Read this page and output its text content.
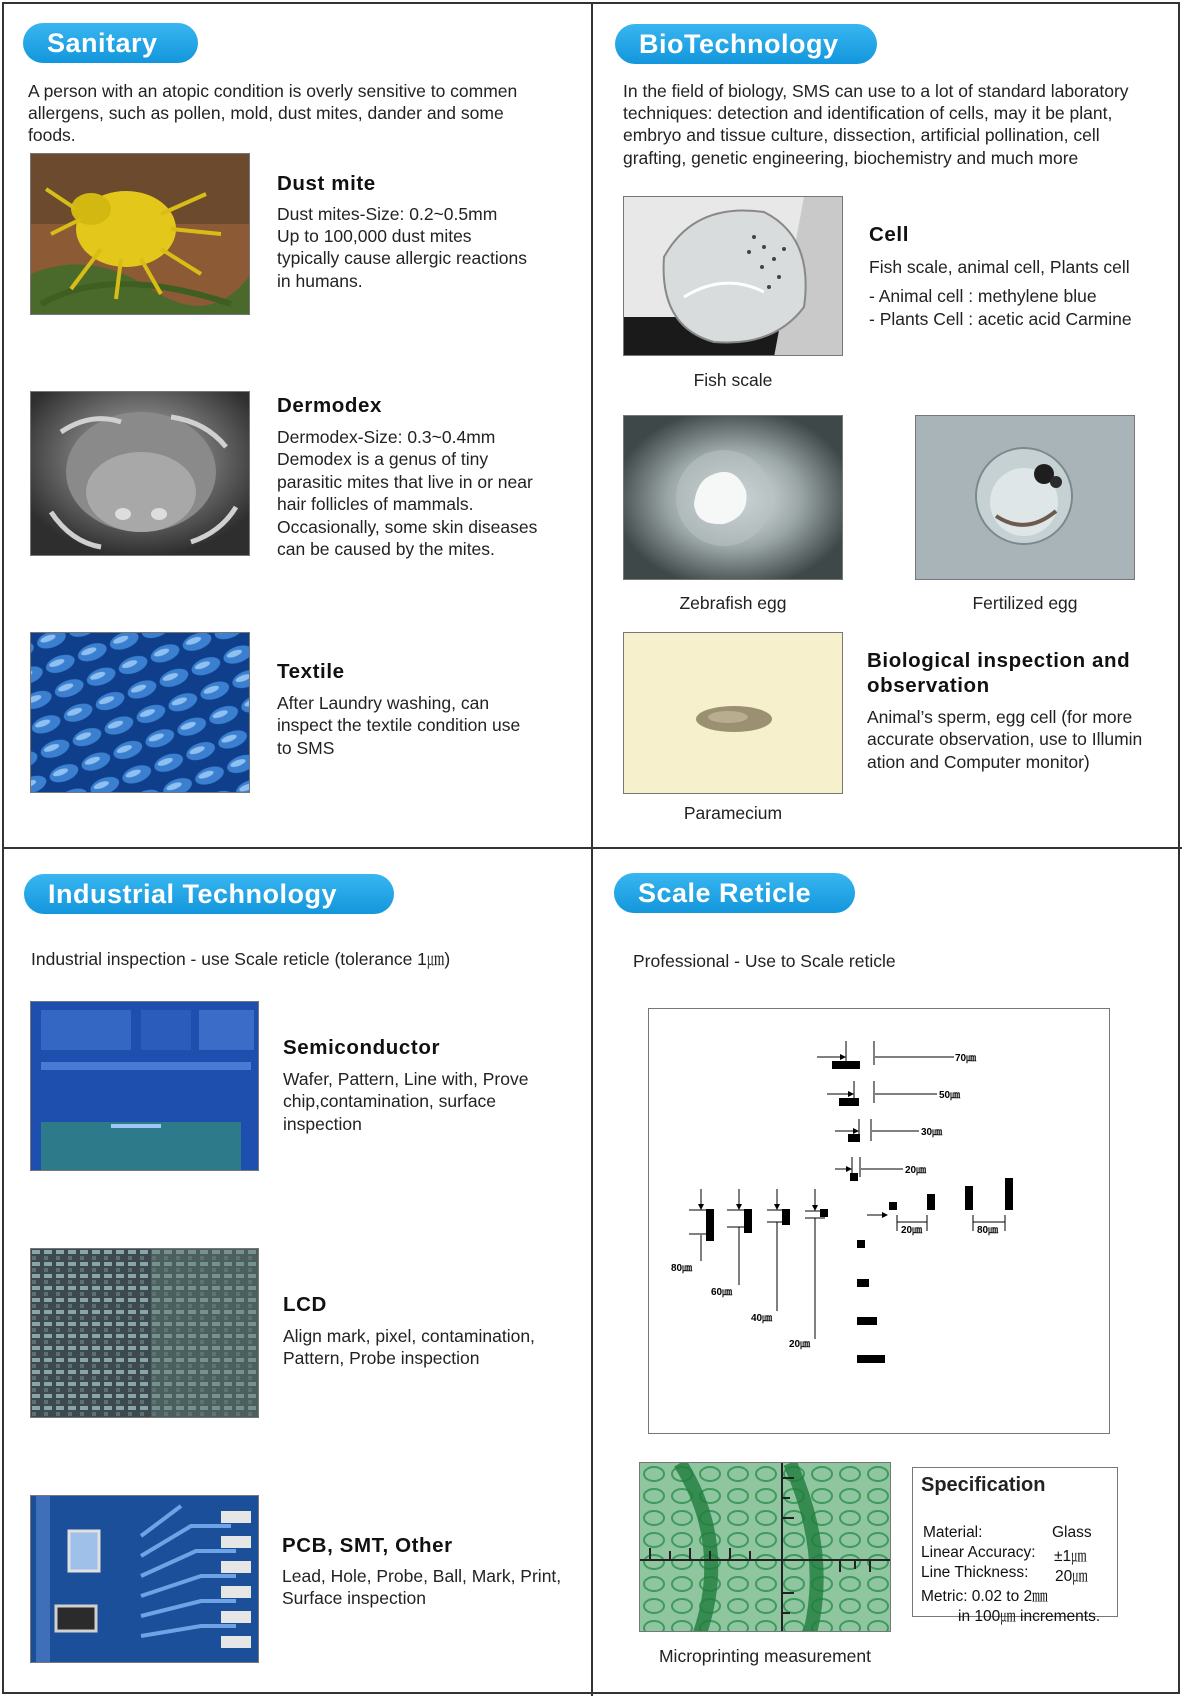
Sanitary
A person with an atopic condition is overly sensitive to commen
allergens, such as pollen, mold, dust mites, dander and some
foods.
Dust mite
Dust mites-Size: 0.2~0.5mm
Up to 100,000 dust mites
typically cause allergic reactions
in humans.
Dermodex
Dermodex-Size: 0.3~0.4mm
Demodex is a genus of tiny
parasitic mites that live in or near
hair follicles of mammals.
Occasionally, some skin diseases
can be caused by the mites.
Textile
After Laundry washing, can
inspect the textile condition use
to SMS
BioTechnology
In the field of biology, SMS can use to a lot of standard laboratory
techniques: detection and identification of cells, may it be plant,
embryo and tissue culture, dissection, artificial pollination, cell
grafting, genetic engineering, biochemistry and much more
Fish scale
Cell
Fish scale, animal cell, Plants cell
- Animal cell : methylene blue
- Plants Cell : acetic acid Carmine
Zebrafish egg	Fertilized egg
Paramecium
Biological inspection and
observation
Animal’s sperm, egg cell (for more
accurate observation, use to Illumin
ation and Computer monitor)
Industrial Technology
Industrial inspection - use Scale reticle (tolerance 1㎛)
Semiconductor
Wafer, Pattern, Line with, Prove
chip,contamination, surface
inspection
LCD
Align mark, pixel, contamination,
Pattern, Probe inspection
PCB, SMT, Other
Lead, Hole, Probe, Ball, Mark, Print,
Surface inspection
Scale Reticle
Professional - Use to Scale reticle
70㎛
50㎛
30㎛
20㎛
80㎛
60㎛
40㎛
20㎛
20㎛	80㎛
Microprinting measurement
Specification
Material:	Glass
Linear Accuracy: ±1㎛
Line Thickness: 20㎛
Metric: 0.02 to 2㎜
in 100㎛ increments.
